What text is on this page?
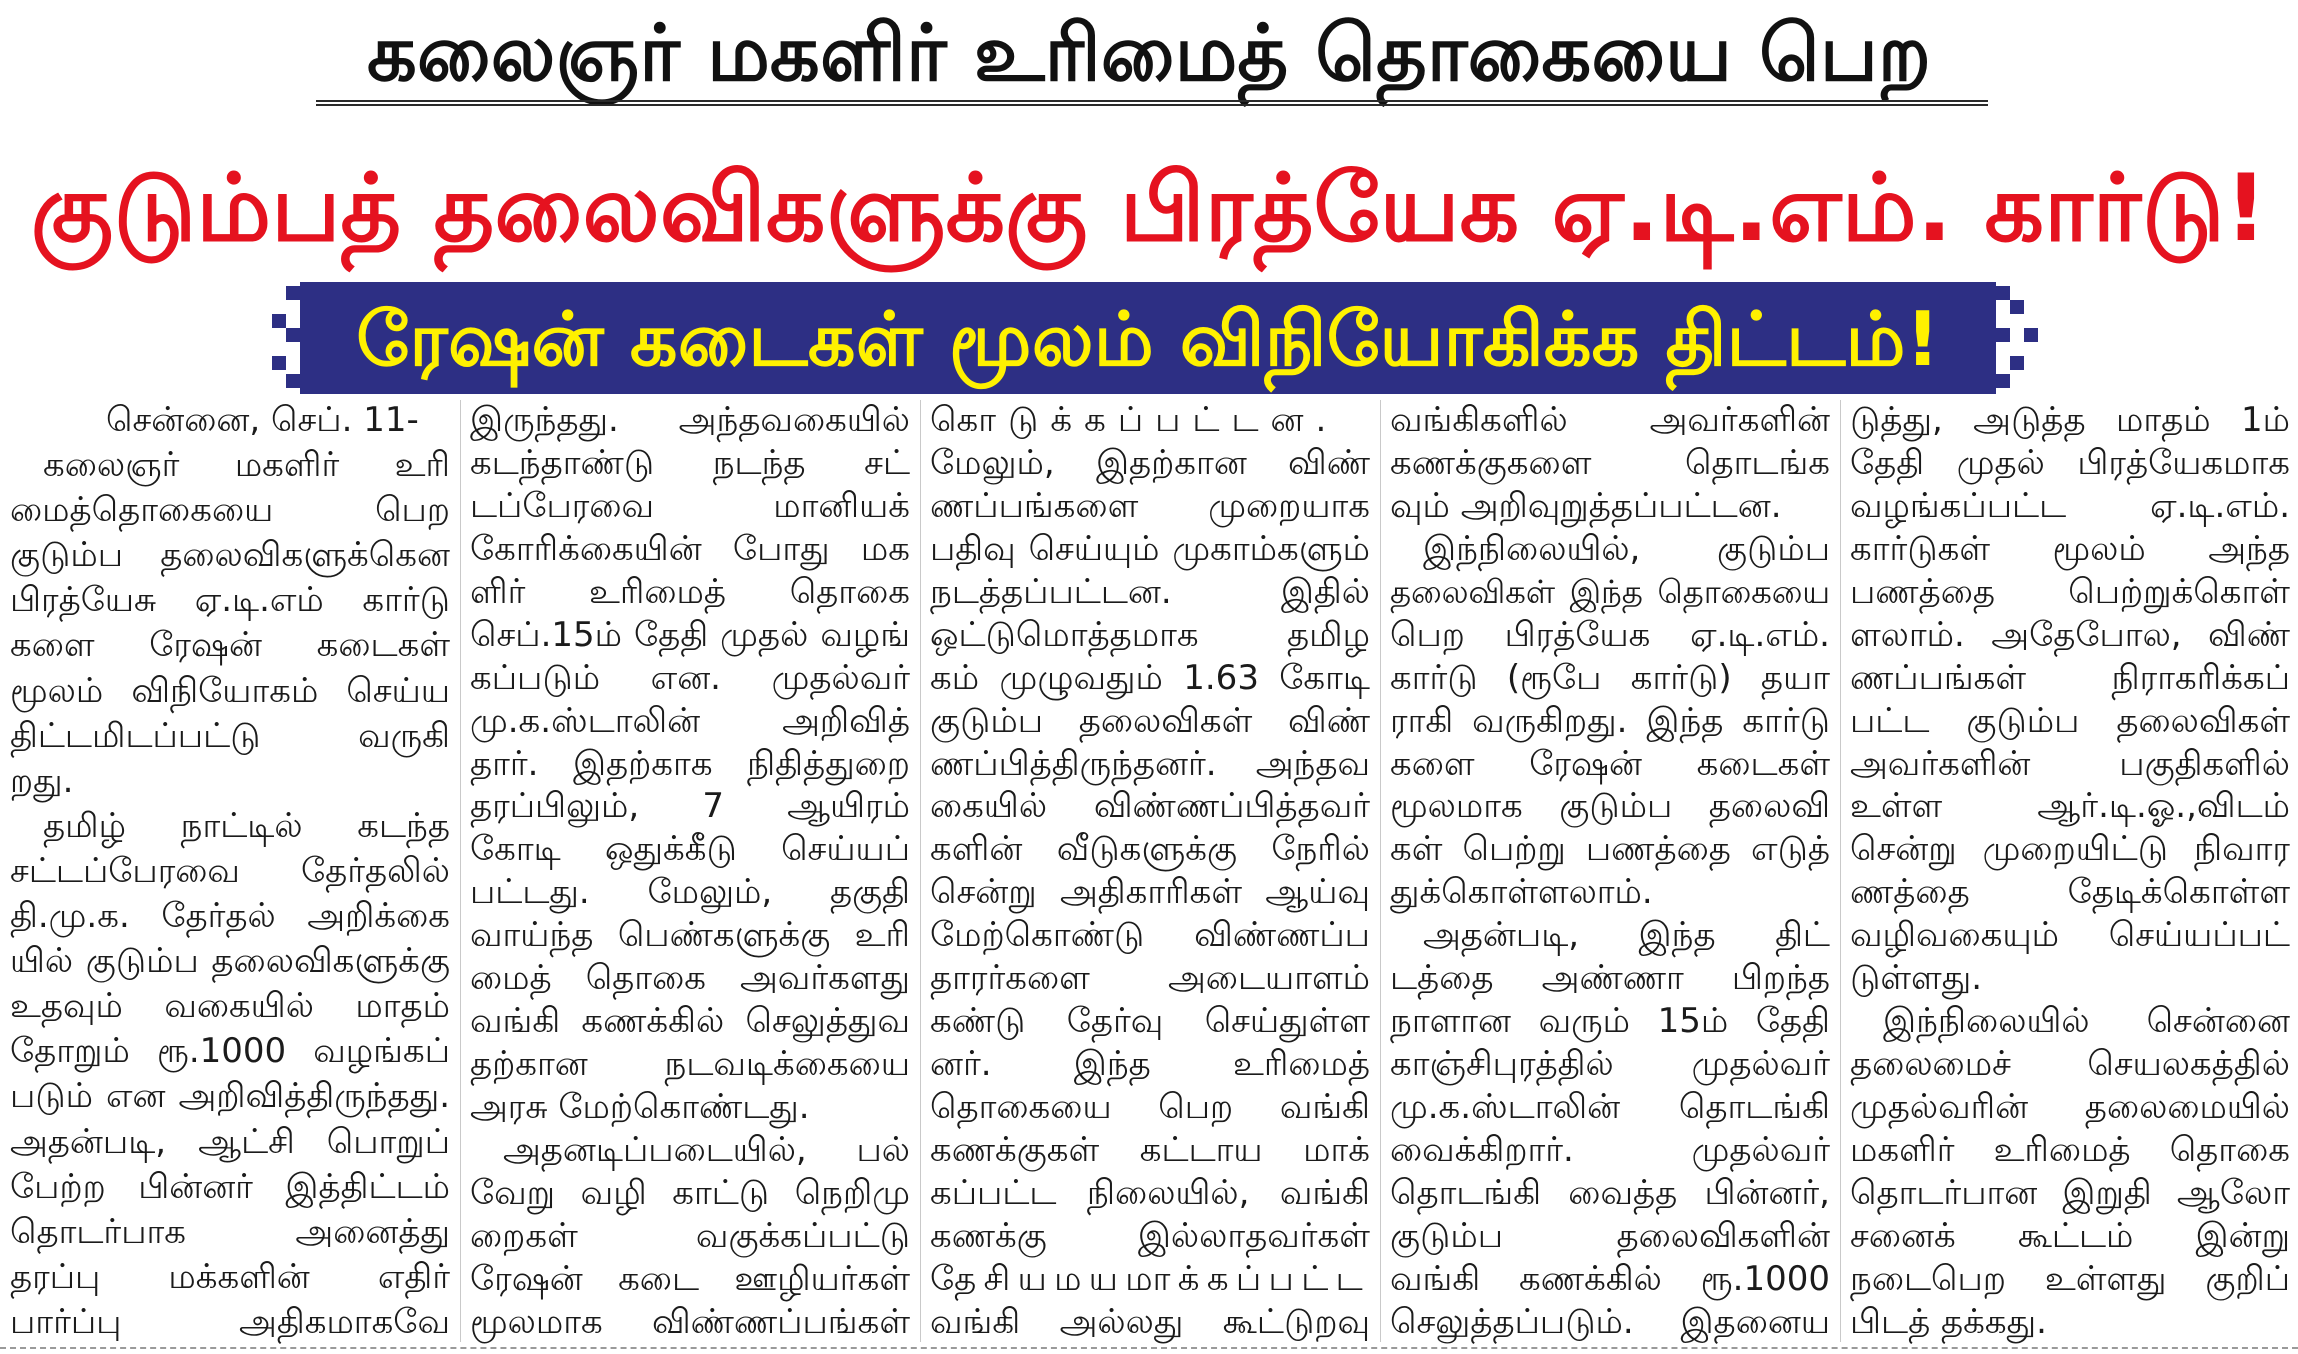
கலைஞர் மகளிர் உரிமைத் தொகையை பெற
குடும்பத் தலைவிகளுக்கு பிரத்யேக ஏ.டி.எம். கார்டு!
ரேஷன் கடைகள் மூலம் விநியோகிக்க திட்டம்!
சென்னை, செப். 11-
கலைஞர் மகளிர் உரி
மைத்தொகையை பெற
குடும்ப தலைவிகளுக்கென
பிரத்யேசு ஏ.டி.எம் கார்டு
களை ரேஷன் கடைகள்
மூலம் விநியோகம் செய்ய
திட்டமிடப்பட்டு வருகி
றது.
தமிழ் நாட்டில் கடந்த
சட்டப்பேரவை தேர்தலில்
தி.மு.க. தேர்தல் அறிக்கை
யில் குடும்ப தலைவிகளுக்கு
உதவும் வகையில் மாதம்
தோறும் ரூ.1000 வழங்கப்
படும் என அறிவித்திருந்தது.
அதன்படி, ஆட்சி பொறுப்
பேற்ற பின்னர் இத்திட்டம்
தொடர்பாக அனைத்து
தரப்பு மக்களின் எதிர்
பார்ப்பு அதிகமாகவே
இருந்தது. அந்தவகையில்
கடந்தாண்டு நடந்த சட்
டப்பேரவை மானியக்
கோரிக்கையின் போது மக
ளிர் உரிமைத் தொகை
செப்.15ம் தேதி முதல் வழங்
கப்படும் என. முதல்வர்
மு.க.ஸ்டாலின் அறிவித்
தார். இதற்காக நிதித்துறை
தரப்பிலும், 7 ஆயிரம்
கோடி ஒதுக்கீடு செய்யப்
பட்டது. மேலும், தகுதி
வாய்ந்த பெண்களுக்கு உரி
மைத் தொகை அவர்களது
வங்கி கணக்கில் செலுத்துவ
தற்கான நடவடிக்கையை
அரசு மேற்கொண்டது.
அதனடிப்படையில், பல்
வேறு வழி காட்டு நெறிமு
றைகள் வகுக்கப்பட்டு
ரேஷன் கடை ஊழியர்கள்
மூலமாக விண்ணப்பங்கள்
கொடுக்கப்பட்டன.
மேலும், இதற்கான விண்
ணப்பங்களை முறையாக
பதிவு செய்யும் முகாம்களும்
நடத்தப்பட்டன. இதில்
ஒட்டுமொத்தமாக தமிழ
கம் முழுவதும் 1.63 கோடி
குடும்ப தலைவிகள் விண்
ணப்பித்திருந்தனர். அந்தவ
கையில் விண்ணப்பித்தவர்
களின் வீடுகளுக்கு நேரில்
சென்று அதிகாரிகள் ஆய்வு
மேற்கொண்டு விண்ணப்ப
தாரர்களை அடையாளம்
கண்டு தேர்வு செய்துள்ள
னர். இந்த உரிமைத்
தொகையை பெற வங்கி
கணக்குகள் கட்டாய மாக்
கப்பட்ட நிலையில், வங்கி
கணக்கு இல்லாதவர்கள்
தேசியமயமாக்கப்பட்ட
வங்கி அல்லது கூட்டுறவு
வங்கிகளில் அவர்களின்
கணக்குகளை தொடங்க
வும் அறிவுறுத்தப்பட்டன.
இந்நிலையில், குடும்ப
தலைவிகள் இந்த தொகையை
பெற பிரத்யேக ஏ.டி.எம்.
கார்டு (ரூபே கார்டு) தயா
ராகி வருகிறது. இந்த கார்டு
களை ரேஷன் கடைகள்
மூலமாக குடும்ப தலைவி
கள் பெற்று பணத்தை எடுத்
துக்கொள்ளலாம்.
அதன்படி, இந்த திட்
டத்தை அண்ணா பிறந்த
நாளான வரும் 15ம் தேதி
காஞ்சிபுரத்தில் முதல்வர்
மு.க.ஸ்டாலின் தொடங்கி
வைக்கிறார். முதல்வர்
தொடங்கி வைத்த பின்னர்,
குடும்ப தலைவிகளின்
வங்கி கணக்கில் ரூ.1000
செலுத்தப்படும். இதனைய
டுத்து, அடுத்த மாதம் 1ம்
தேதி முதல் பிரத்யேகமாக
வழங்கப்பட்ட ஏ.டி.எம்.
கார்டுகள் மூலம் அந்த
பணத்தை பெற்றுக்கொள்
ளலாம். அதேபோல, விண்
ணப்பங்கள் நிராகரிக்கப்
பட்ட குடும்ப தலைவிகள்
அவர்களின் பகுதிகளில்
உள்ள ஆர்.டி.ஓ.,விடம்
சென்று முறையிட்டு நிவார
ணத்தை தேடிக்கொள்ள
வழிவகையும் செய்யப்பட்
டுள்ளது.
இந்நிலையில் சென்னை
தலைமைச் செயலகத்தில்
முதல்வரின் தலைமையில்
மகளிர் உரிமைத் தொகை
தொடர்பான இறுதி ஆலோ
சனைக் கூட்டம் இன்று
நடைபெற உள்ளது குறிப்
பிடத் தக்கது.
